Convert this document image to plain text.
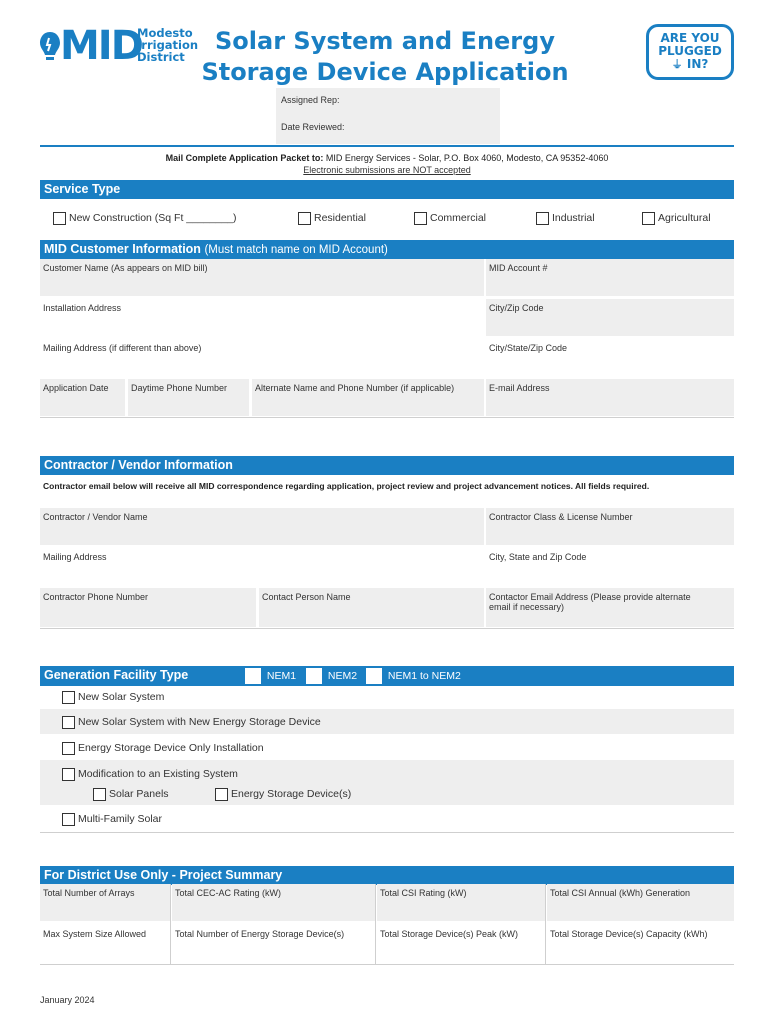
MID
Modesto
Irrigation
District
Solar System and Energy
Storage Device Application
ARE YOU
PLUGGED
⏚ IN?
Assigned Rep:
Date Reviewed:
Mail Complete Application Packet to: MID Energy Services - Solar, P.O. Box 4060, Modesto, CA 95352-4060
Electronic submissions are NOT accepted
Service Type
New Construction (Sq Ft ________)	Residential	Commercial	Industrial	Agricultural
MID Customer Information (Must match name on MID Account)
Customer Name (As appears on MID bill)	MID Account #
Installation Address	City/Zip Code
Mailing Address (if different than above)	City/State/Zip Code
Application Date	Daytime Phone Number	Alternate Name and Phone Number (if applicable)	E-mail Address
Contractor / Vendor Information
Contractor email below will receive all MID correspondence regarding application, project review and project advancement notices. All fields required.
Contractor / Vendor Name	Contractor Class & License Number
Mailing Address	City, State and Zip Code
Contractor Phone Number	Contact Person Name	Contactor Email Address (Please provide alternate
email if necessary)
Generation Facility Type	NEM1	NEM2	NEM1 to NEM2
New Solar System
New Solar System with New Energy Storage Device
Energy Storage Device Only Installation
Modification to an Existing System
Solar Panels	Energy Storage Device(s)
Multi-Family Solar
For District Use Only - Project Summary
Total Number of Arrays	Total CEC-AC Rating (kW)	Total CSI Rating (kW)	Total CSI Annual (kWh) Generation
Max System Size Allowed	Total Number of Energy Storage Device(s)	Total Storage Device(s) Peak (kW)	Total Storage Device(s) Capacity (kWh)
January 2024
